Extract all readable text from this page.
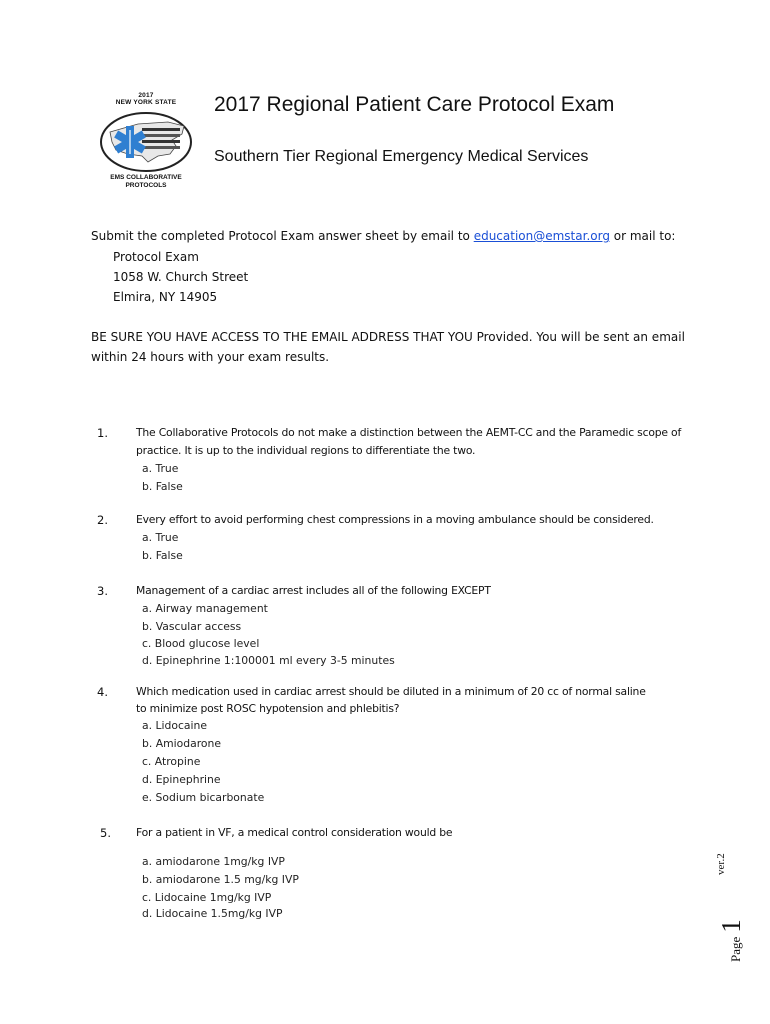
2017
NEW YORK STATE
EMS COLLABORATIVE
PROTOCOLS
2017 Regional Patient Care Protocol Exam
Southern Tier Regional Emergency Medical Services
Submit the completed Protocol Exam answer sheet by email to education@emstar.org or mail to:
Protocol Exam
1058 W. Church Street
Elmira, NY 14905
BE SURE YOU HAVE ACCESS TO THE EMAIL ADDRESS THAT YOU Provided. You will be sent an email
within 24 hours with your exam results.
1.	The Collaborative Protocols do not make a distinction between the AEMT-CC and the Paramedic scope of
practice. It is up to the individual regions to differentiate the two.
a. True
b. False
2.	Every effort to avoid performing chest compressions in a moving ambulance should be considered.
a. True
b. False
3.	Management of a cardiac arrest includes all of the following EXCEPT
a. Airway management
b. Vascular access
c. Blood glucose level
d. Epinephrine 1:100001 ml every 3-5 minutes
4.	Which medication used in cardiac arrest should be diluted in a minimum of 20 cc of normal saline
to minimize post ROSC hypotension and phlebitis?
a. Lidocaine
b. Amiodarone
c. Atropine
d. Epinephrine
e. Sodium bicarbonate
5. For a patient in VF, a medical control consideration would be
a. amiodarone 1mg/kg IVP
b. amiodarone 1.5 mg/kg IVP
c. Lidocaine 1mg/kg IVP
d. Lidocaine 1.5mg/kg IVP
ver.2
Page 1
